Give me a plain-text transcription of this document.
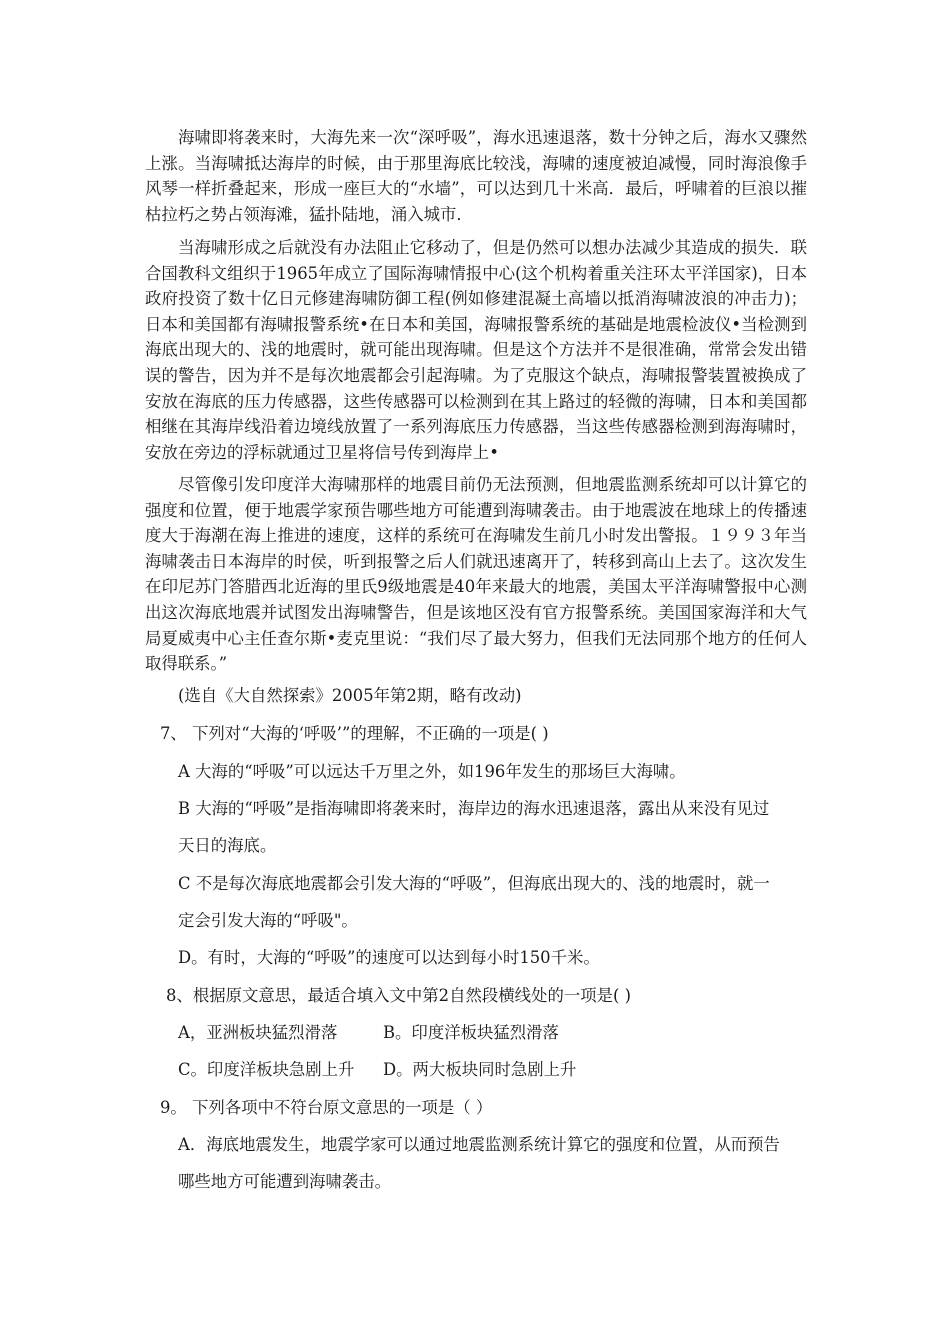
海啸即将袭来时，大海先来一次“深呼吸”，海水迅速退落，数十分钟之后，海水又骤然上涨。当海啸抵达海岸的时候，由于那里海底比较浅，海啸的速度被迫减慢，同时海浪像手风琴一样折叠起来，形成一座巨大的“水墙”，可以达到几十米高．最后，呼啸着的巨浪以摧枯拉朽之势占领海滩，猛扑陆地，涌入城市．

当海啸形成之后就没有办法阻止它移动了，但是仍然可以想办法减少其造成的损失．联合国教科文组织于1965年成立了国际海啸情报中心(这个机构着重关注环太平洋国家)，日本政府投资了数十亿日元修建海啸防御工程(例如修建混凝土高墙以抵消海啸波浪的冲击力)；日本和美国都有海啸报警系统•在日本和美国，海啸报警系统的基础是地震检波仪•当检测到海底出现大的、浅的地震时，就可能出现海啸。但是这个方法并不是很准确，常常会发出错误的警告，因为并不是每次地震都会引起海啸。为了克服这个缺点，海啸报警装置被换成了安放在海底的压力传感器，这些传感器可以检测到在其上路过的轻微的海啸，日本和美国都相继在其海岸线沿着边境线放置了一系列海底压力传感器，当这些传感器检测到海海啸时，安放在旁边的浮标就通过卫星将信号传到海岸上•

尽管像引发印度洋大海啸那样的地震目前仍无法预测，但地震监测系统却可以计算它的强度和位置，便于地震学家预告哪些地方可能遭到海啸袭击。由于地震波在地球上的传播速度大于海潮在海上推进的速度，这样的系统可在海啸发生前几小时发出警报。１９９３年当海啸袭击日本海岸的时侯，听到报警之后人们就迅速离开了，转移到高山上去了。这次发生在印尼苏门答腊西北近海的里氏9级地震是40年来最大的地震，美国太平洋海啸警报中心测出这次海底地震并试图发出海啸警告，但是该地区没有官方报警系统。美国国家海洋和大气局夏威夷中心主任查尔斯•麦克里说：“我们尽了最大努力，但我们无法同那个地方的任何人取得联系。”

(选自《大自然探索》2005年第2期，略有改动)

7、 下列对“大海的‘呼吸’”的理解，不正确的一项是( )

A 大海的“呼吸”可以远达千万里之外，如196年发生的那场巨大海啸。

B 大海的“呼吸”是指海啸即将袭来时，海岸边的海水迅速退落，露出从来没有见过

天日的海底。

C 不是每次海底地震都会引发大海的“呼吸”，但海底出现大的、浅的地震时，就一

定会引发大海的“呼吸"。

D。有时，大海的“呼吸”的速度可以达到每小时150千米。

8、根据原文意思，最适合填入文中第2自然段横线处的一项是( )

A，亚洲板块猛烈滑落	B。印度洋板块猛烈滑落

C。印度洋板块急剧上升 D。两大板块同时急剧上升

9。 下列各项中不符台原文意思的一项是（ ）

A．海底地震发生，地震学家可以通过地震监测系统计算它的强度和位置，从而预告

哪些地方可能遭到海啸袭击。
